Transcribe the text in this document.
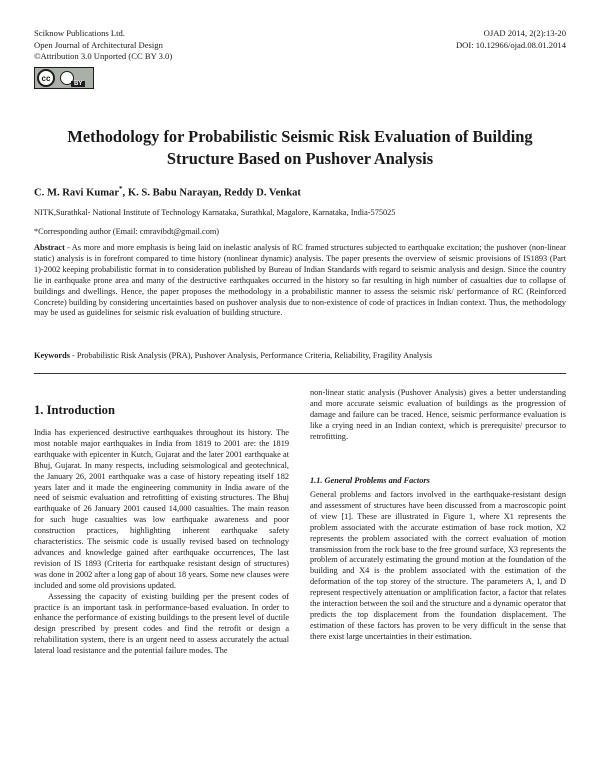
Sciknow Publications Ltd.
Open Journal of Architectural Design
©Attribution 3.0 Unported (CC BY 3.0)
OJAD 2014, 2(2):13-20
DOI: 10.12966/ojad.08.01.2014
cc
BY
Methodology for Probabilistic Seismic Risk Evaluation of Building
Structure Based on Pushover Analysis
C. M. Ravi Kumar*, K. S. Babu Narayan, Reddy D. Venkat
NITK,Surathkal- National Institute of Technology Karnataka, Surathkal, Magalore, Karnataka, India-575025
*Corresponding author (Email: cmravibdt@gmail.com)

Abstract - As more and more emphasis is being laid on inelastic analysis of RC framed structures subjected to earthquake excitation; the pushover (non-linear static) analysis is in forefront compared to time history (nonlinear dynamic) analysis. The paper presents the overview of seismic provisions of IS1893 (Part 1)-2002 keeping probabilistic format in to consideration published by Bureau of Indian Standards with regard to seismic analysis and design. Since the country lie in earthquake prone area and many of the destructive earthquakes occurred in the history so far resulting in high number of casualties due to collapse of buildings and dwellings. Hence, the paper proposes the methodology in a probabilistic manner to assess the seismic risk/ performance of RC (Reinforced Concrete) building by considering uncertainties based on pushover analysis due to non-existence of code of practices in Indian context. Thus, the methodology may be used as guidelines for seismic risk evaluation of building structure.

Keywords - Probabilistic Risk Analysis (PRA), Pushover Analysis, Performance Criteria, Reliability, Fragility Analysis

1. Introduction

India has experienced destructive earthquakes throughout its history. The most notable major earthquakes in India from 1819 to 2001 are: the 1819 earthquake with epicenter in Kutch, Gujarat and the later 2001 earthquake at Bhuj, Gujarat. In many respects, including seismological and geotechnical, the January 26, 2001 earthquake was a case of history repeating itself 182 years later and it made the engineering community in India aware of the need of seismic evaluation and retrofitting of existing structures. The Bhuj earthquake of 26 January 2001 caused 14,000 casualties. The main reason for such huge casualties was low earthquake awareness and poor construction practices, highlighting inherent earthquake safety characteristics. The seismic code is usually revised based on technology advances and knowledge gained after earthquake occurrences, The last revision of IS 1893 (Criteria for earthquake resistant design of structures) was done in 2002 after a long gap of about 18 years. Some new clauses were included and some old provisions updated.

Assessing the capacity of existing building per the present codes of practice is an important task in performance-based evaluation. In order to enhance the performance of existing buildings to the present level of ductile design prescribed by present codes and find the retrofit or design a rehabilitation system, there is an urgent need to assess accurately the actual lateral load resistance and the potential failure modes. The

non-linear static analysis (Pushover Analysis) gives a better understanding and more accurate seismic evaluation of buildings as the progression of damage and failure can be traced. Hence, seismic performance evaluation is like a crying need in an Indian context, which is prerequisite/ precursor to retrofitting.

1.1. General Problems and Factors

General problems and factors involved in the earthquake-resistant design and assessment of structures have been discussed from a macroscopic point of view [1]. These are illustrated in Figure 1, where X1 represents the problem associated with the accurate estimation of base rock motion, X2 represents the problem associated with the correct evaluation of motion transmission from the rock base to the free ground surface, X3 represents the problem of accurately estimating the ground motion at the foundation of the building and X4 is the problem associated with the estimation of the deformation of the top storey of the structure. The parameters A, I, and D represent respectively attenuation or amplification factor, a factor that relates the interaction between the soil and the structure and a dynamic operator that predicts the top displacement from the foundation displacement. The estimation of these factors has proven to be very difficult in the sense that there exist large uncertainties in their estimation.
